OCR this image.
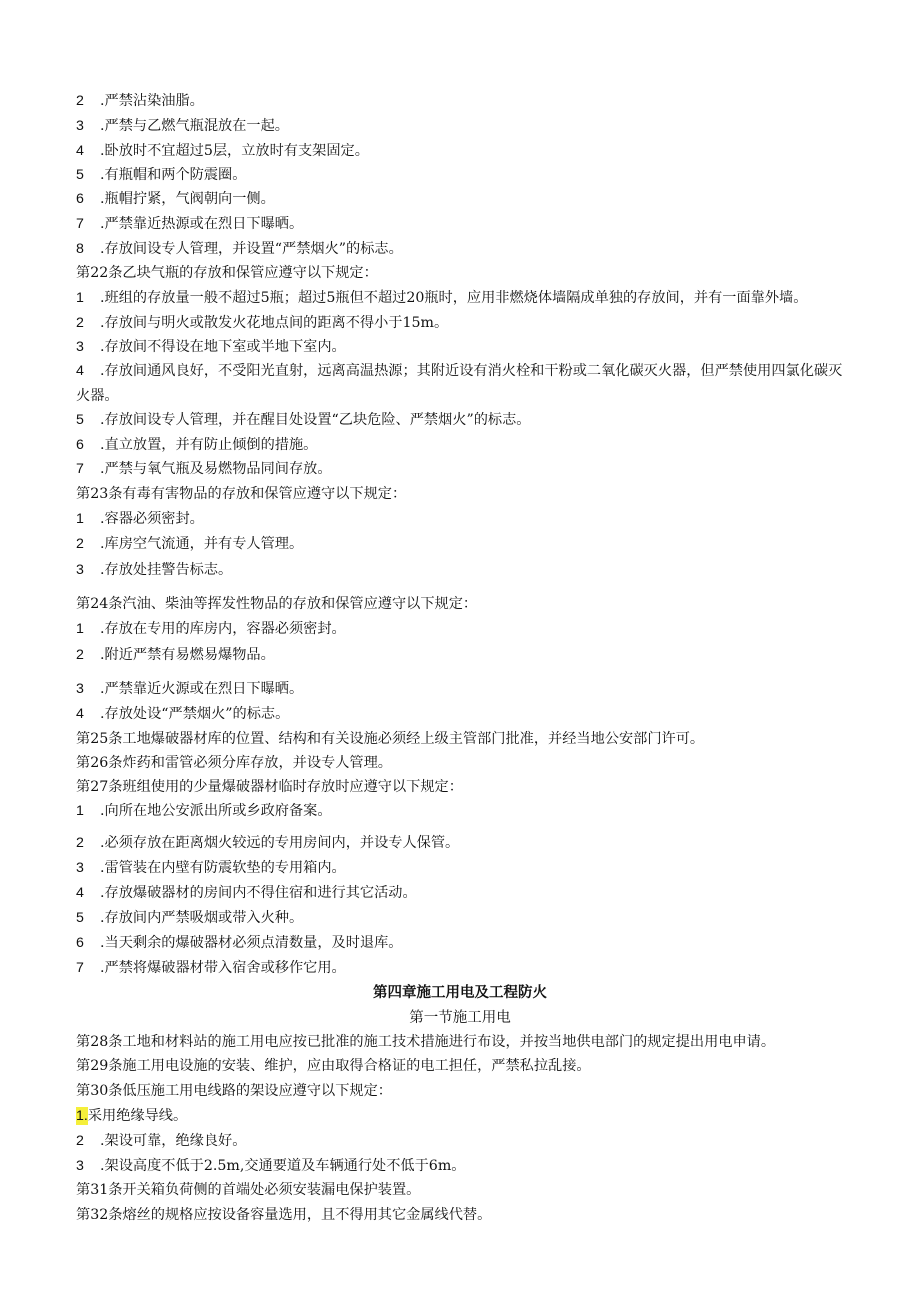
2 .严禁沾染油脂。
3 .严禁与乙燃气瓶混放在一起。
4 .卧放时不宜超过5层，立放时有支架固定。
5 .有瓶帽和两个防震圈。
6 .瓶帽拧紧，气阀朝向一侧。
7 .严禁靠近热源或在烈日下曝晒。
8 .存放间设专人管理，并设置“严禁烟火”的标志。
第22条乙块气瓶的存放和保管应遵守以下规定：
1 .班组的存放量一般不超过5瓶；超过5瓶但不超过20瓶时，应用非燃烧体墙隔成单独的存放间，并有一面靠外墙。
2 .存放间与明火或散发火花地点间的距离不得小于15m。
3 .存放间不得设在地下室或半地下室内。
4 .存放间通风良好，不受阳光直射，远离高温热源；其附近设有消火栓和干粉或二氧化碳灭火器，但严禁使用四氯化碳灭火器。
5 .存放间设专人管理，并在醒目处设置“乙块危险、严禁烟火”的标志。
6 .直立放置，并有防止倾倒的措施。
7 .严禁与氧气瓶及易燃物品同间存放。
第23条有毒有害物品的存放和保管应遵守以下规定：
1 .容器必须密封。
2 .库房空气流通，并有专人管理。
3 .存放处挂警告标志。
第24条汽油、柴油等挥发性物品的存放和保管应遵守以下规定：
1 .存放在专用的库房内，容器必须密封。
2 .附近严禁有易燃易爆物品。
3 .严禁靠近火源或在烈日下曝晒。
4 .存放处设“严禁烟火”的标志。
第25条工地爆破器材库的位置、结构和有关设施必须经上级主管部门批准，并经当地公安部门许可。
第26条炸药和雷管必须分库存放，并设专人管理。
第27条班组使用的少量爆破器材临时存放时应遵守以下规定：
1 .向所在地公安派出所或乡政府备案。
2 .必须存放在距离烟火较远的专用房间内，并设专人保管。
3 .雷管装在内壁有防震软垫的专用箱内。
4 .存放爆破器材的房间内不得住宿和进行其它活动。
5 .存放间内严禁吸烟或带入火种。
6 .当天剩余的爆破器材必须点清数量，及时退库。
7 .严禁将爆破器材带入宿舍或移作它用。
第四章施工用电及工程防火
第一节施工用电
第28条工地和材料站的施工用电应按已批准的施工技术措施进行布设，并按当地供电部门的规定提出用电申请。
第29条施工用电设施的安装、维护，应由取得合格证的电工担任，严禁私拉乱接。
第30条低压施工用电线路的架设应遵守以下规定：
1.采用绝缘导线。
2 .架设可靠，绝缘良好。
3 .架设高度不低于2.5m,交通要道及车辆通行处不低于6m。
第31条开关箱负荷侧的首端处必须安装漏电保护装置。
第32条熔丝的规格应按设备容量选用，且不得用其它金属线代替。
